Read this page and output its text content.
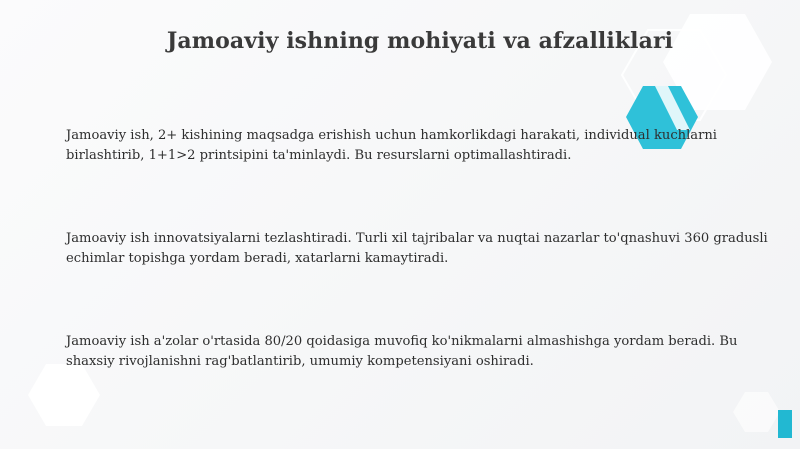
Jamoaviy ishning mohiyati va afzalliklari
Jamoaviy ish, 2+ kishining maqsadga erishish uchun hamkorlikdagi harakati, individual kuchlarni birlashtirib, 1+1>2 printsipini ta'minlaydi. Bu resurslarni optimallashtiradi.
Jamoaviy ish innovatsiyalarni tezlashtiradi. Turli xil tajribalar va nuqtai nazarlar to'qnashuvi 360 gradusli echimlar topishga yordam beradi, xatarlarni kamaytiradi.
Jamoaviy ish a'zolar o'rtasida 80/20 qoidasiga muvofiq ko'nikmalarni almashishga yordam beradi. Bu shaxsiy rivojlanishni rag'batlantirib, umumiy kompetensiyani oshiradi.
